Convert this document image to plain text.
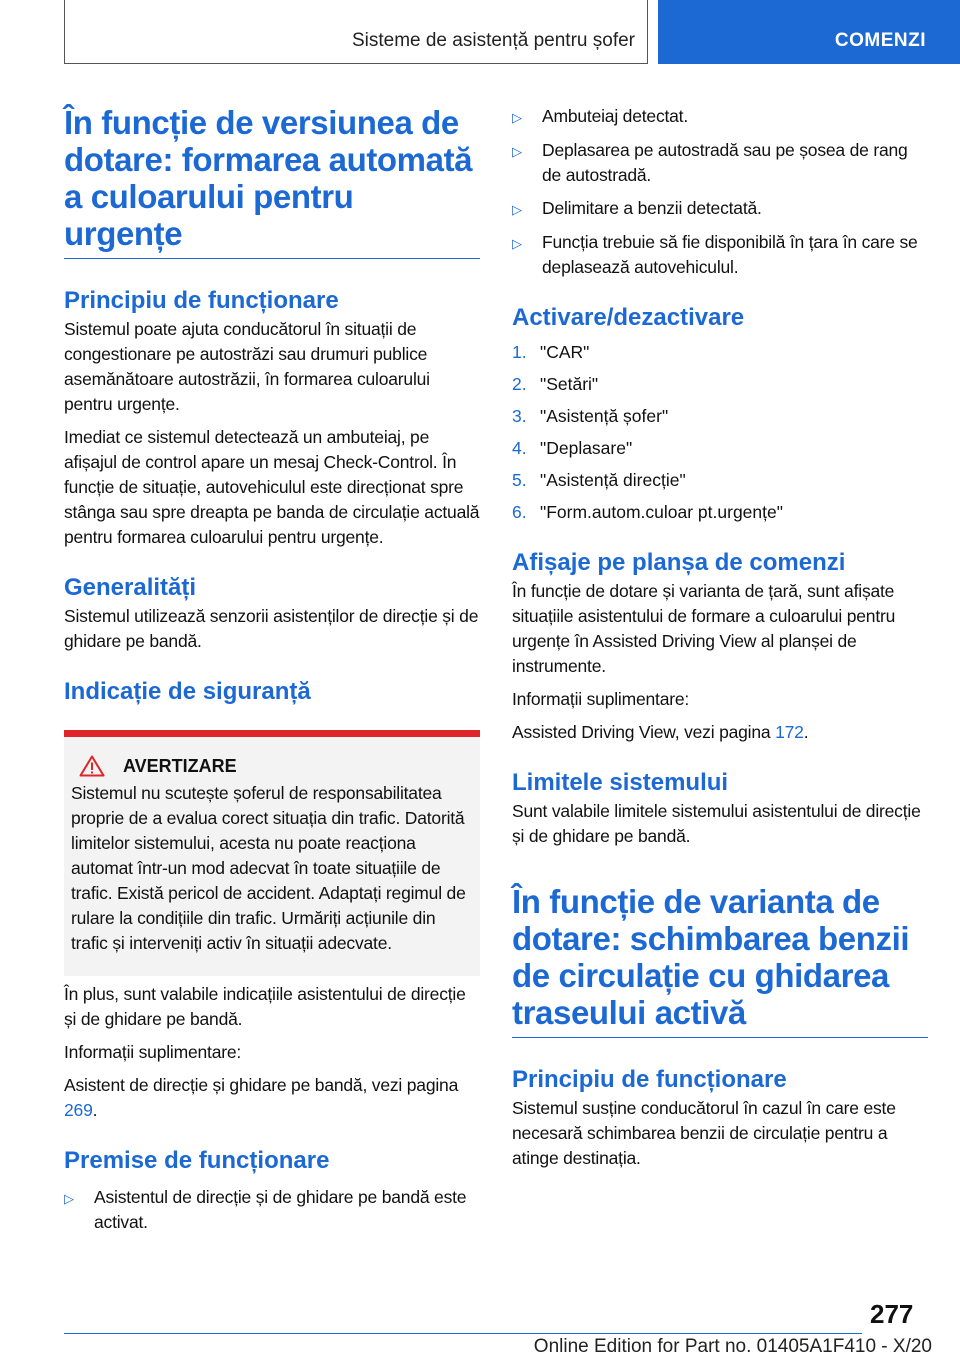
Sisteme de asistență pentru șofer	COMENZI
În funcție de versiunea de dotare: formarea automată a culoarului pentru urgențe
Principiu de funcționare

Sistemul poate ajuta conducătorul în situații de congestionare pe autostrăzi sau drumuri publice asemănătoare autostrăzii, în formarea culoarului pentru urgențe.

Imediat ce sistemul detectează un ambuteiaj, pe afișajul de control apare un mesaj Check-Control. În funcție de situație, autovehiculul este direcționat spre stânga sau spre dreapta pe banda de circulație actuală pentru formarea culoarului pentru urgențe.

Generalități

Sistemul utilizează senzorii asistenților de direcție și de ghidare pe bandă.

Indicație de siguranță
AVERTIZARE

Sistemul nu scutește șoferul de responsabilitatea proprie de a evalua corect situația din trafic. Datorită limitelor sistemului, acesta nu poate reacționa automat într-un mod adecvat în toate situațiile de trafic. Există pericol de accident. Adaptați regimul de rulare la condițiile din trafic. Urmăriți acțiunile din trafic și interveniți activ în situații adecvate.

În plus, sunt valabile indicațiile asistentului de direcție și de ghidare pe bandă.

Informații suplimentare:

Asistent de direcție și ghidare pe bandă, vezi pagina 269.

Premise de funcționare
▷	Asistentul de direcție și de ghidare pe bandă este activat.
▷	Ambuteiaj detectat.
▷	Deplasarea pe autostradă sau pe șosea de rang de autostradă.
▷	Delimitare a benzii detectată.
▷	Funcția trebuie să fie disponibilă în țara în care se deplasează autovehiculul.
Activare/dezactivare
1. "CAR"
2. "Setări"
3. "Asistență șofer"
4. "Deplasare"
5. "Asistență direcție"
6. "Form.autom.culoar pt.urgențe"
Afișaje pe planșa de comenzi

În funcție de dotare și varianta de țară, sunt afișate situațiile asistentului de formare a culoarului pentru urgențe în Assisted Driving View al planșei de instrumente.

Informații suplimentare:

Assisted Driving View, vezi pagina 172.

Limitele sistemului

Sunt valabile limitele sistemului asistentului de direcție și de ghidare pe bandă.

În funcție de varianta de dotare: schimbarea benzii de circulație cu ghidarea traseului activă
Principiu de funcționare

Sistemul susține conducătorul în cazul în care este necesară schimbarea benzii de circulație pentru a atinge destinația.

277
Online Edition for Part no. 01405A1F410 - X/20
